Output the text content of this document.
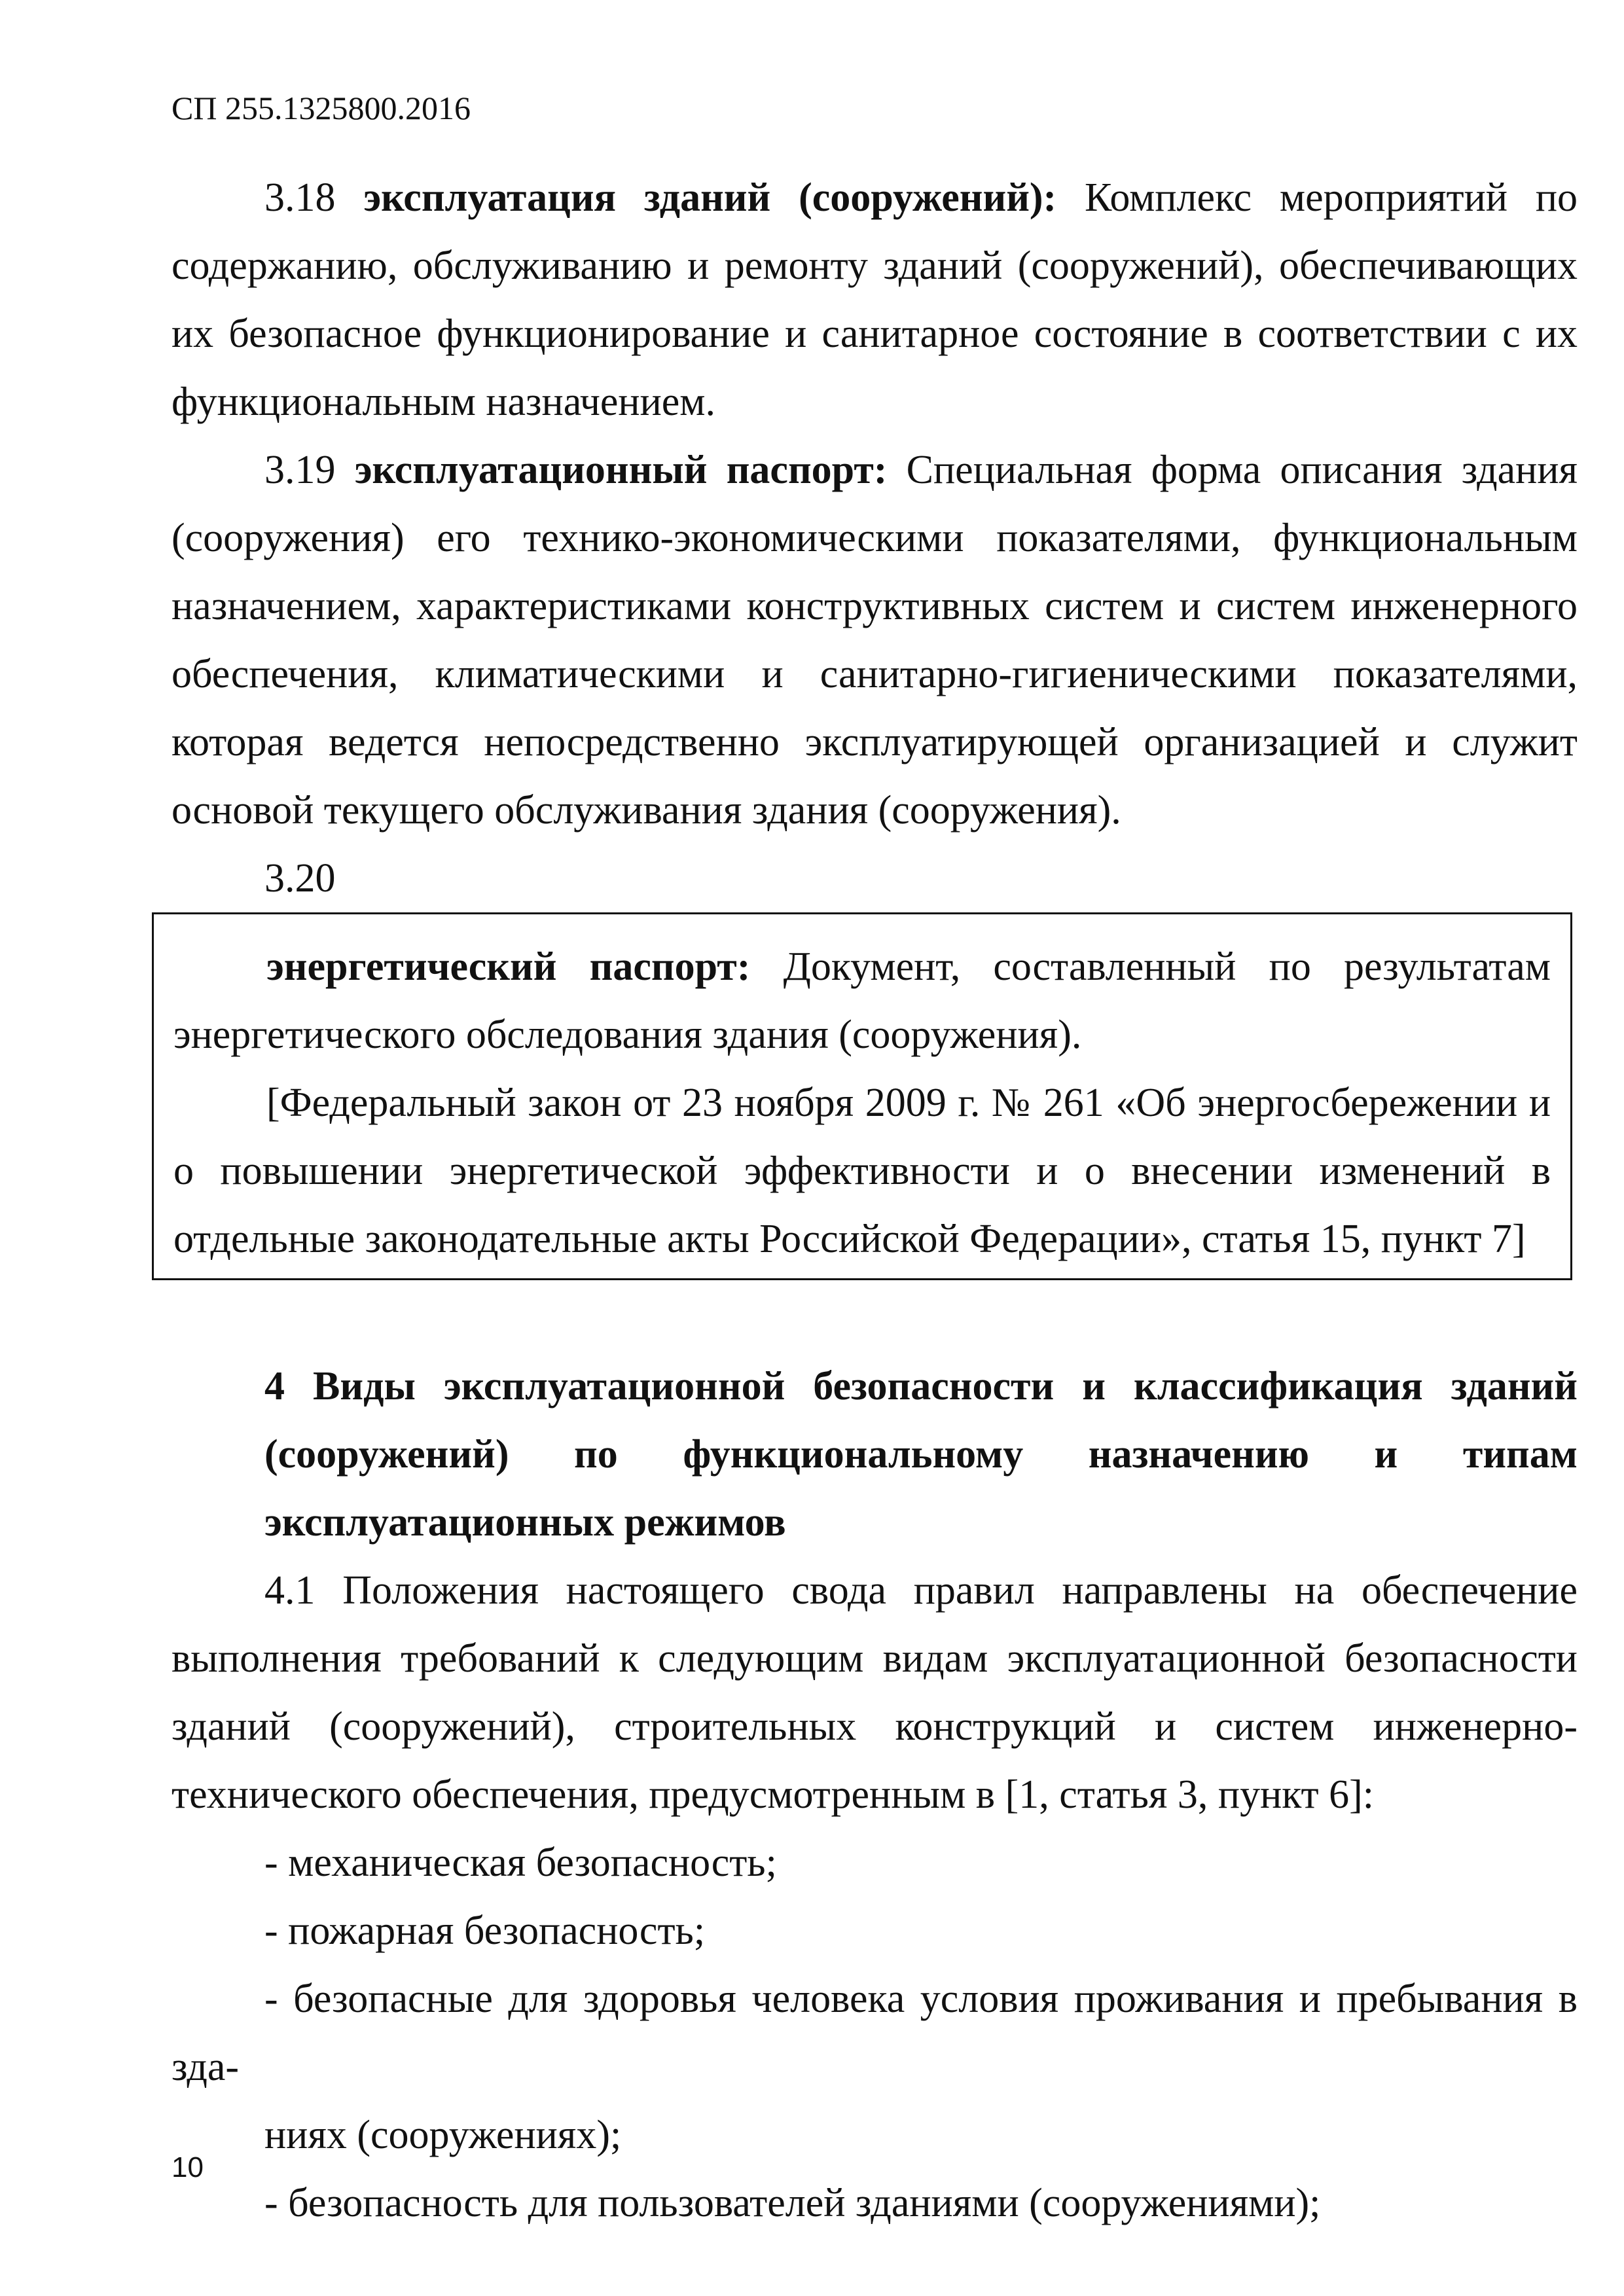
СП 255.1325800.2016

3.18 эксплуатация зданий (сооружений): Комплекс мероприятий по содержанию, обслуживанию и ремонту зданий (сооружений), обеспечивающих их безопасное функционирование и санитарное состояние в соответствии с их функциональным назначением.

3.19 эксплуатационный паспорт: Специальная форма описания здания (сооружения) его технико-экономическими показателями, функциональным назначением, характеристиками конструктивных систем и систем инженерного обеспечения, климатическими и санитарно-гигиеническими показателями, которая ведется непосредственно эксплуатирующей организацией и служит основой текущего обслуживания здания (сооружения).

3.20

энергетический паспорт: Документ, составленный по результатам энергетического обследования здания (сооружения).

[Федеральный закон от 23 ноября 2009 г. № 261 «Об энергосбережении и о повышении энергетической эффективности и о внесении изменений в отдельные законодательные акты Российской Федерации», статья 15, пункт 7]

4 Виды эксплуатационной безопасности и классификация зданий (сооружений) по функциональному назначению и типам эксплуатационных режимов

4.1 Положения настоящего свода правил направлены на обеспечение выполнения требований к следующим видам эксплуатационной безопасности зданий (сооружений), строительных конструкций и систем инженерно-технического обеспечения, предусмотренным в [1, статья 3, пункт 6]:

- механическая безопасность;

- пожарная безопасность;

- безопасные для здоровья человека условия проживания и пребывания в зда-
ниях (сооружениях);

- безопасность для пользователей зданиями (сооружениями);

10
